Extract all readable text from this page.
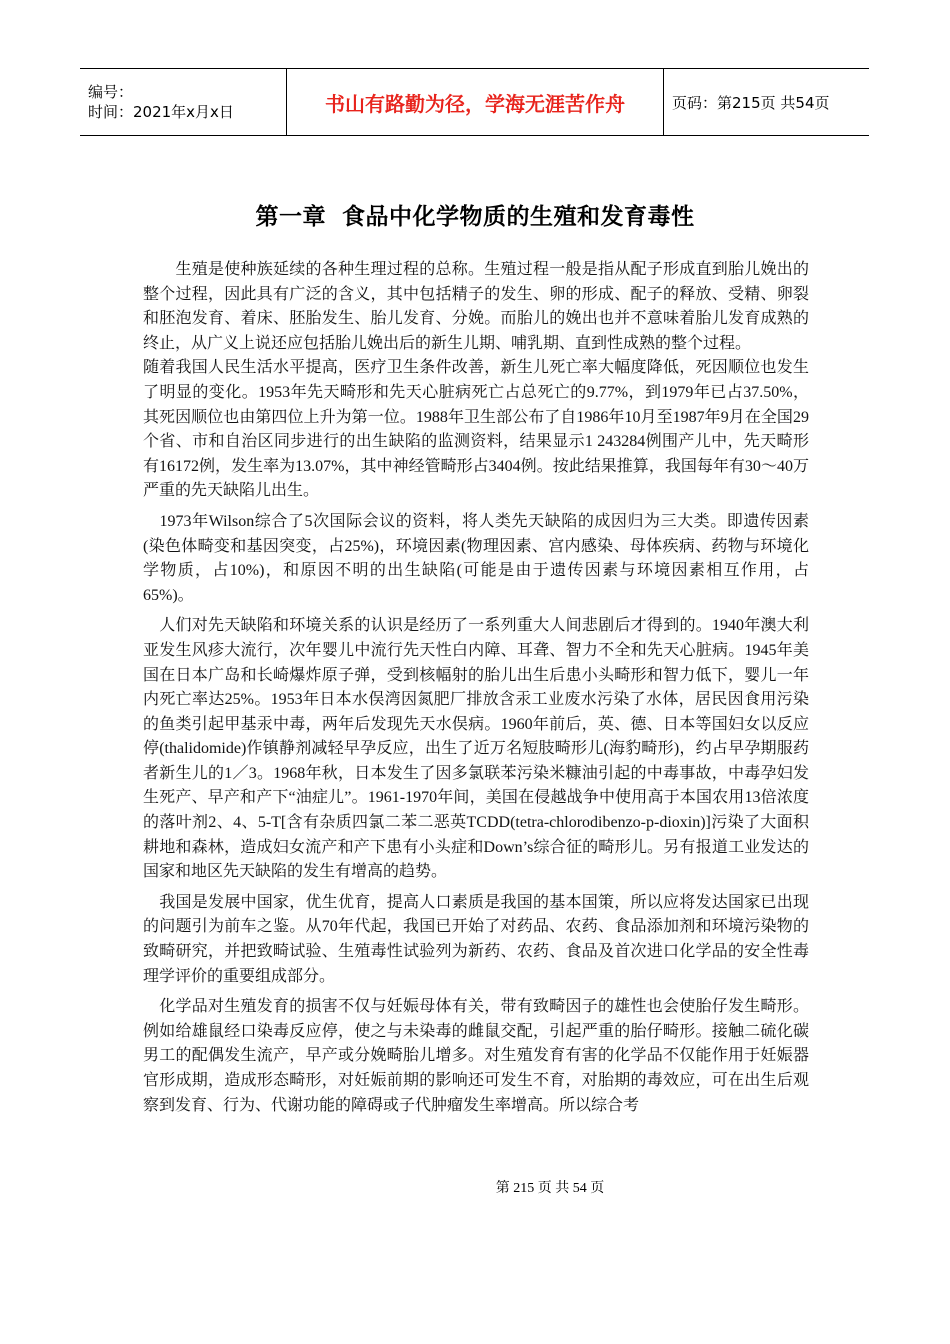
编号：
时间：2021年x月x日	书山有路勤为径，学海无涯苦作舟	页码：第215页 共54页
第一章 食品中化学物质的生殖和发育毒性

　　生殖是使种族延续的各种生理过程的总称。生殖过程一般是指从配子形成直到胎儿娩出的整个过程，因此具有广泛的含义，其中包括精子的发生、卵的形成、配子的释放、受精、卵裂和胚泡发育、着床、胚胎发生、胎儿发育、分娩。而胎儿的娩出也并不意味着胎儿发育成熟的终止，从广义上说还应包括胎儿娩出后的新生儿期、哺乳期、直到性成熟的整个过程。

随着我国人民生活水平提高，医疗卫生条件改善，新生儿死亡率大幅度降低，死因顺位也发生了明显的变化。1953年先天畸形和先天心脏病死亡占总死亡的9.77%，到1979年已占37.50%，其死因顺位也由第四位上升为第一位。1988年卫生部公布了自1986年10月至1987年9月在全国29个省、市和自治区同步进行的出生缺陷的监测资料，结果显示1 243284例围产儿中，先天畸形有16172例，发生率为13.07%，其中神经管畸形占3404例。按此结果推算，我国每年有30～40万严重的先天缺陷儿出生。

　1973年Wilson综合了5次国际会议的资料，将人类先天缺陷的成因归为三大类。即遗传因素(染色体畸变和基因突变，占25%)，环境因素(物理因素、宫内感染、母体疾病、药物与环境化学物质，占10%)，和原因不明的出生缺陷(可能是由于遗传因素与环境因素相互作用，占65%)。

　人们对先天缺陷和环境关系的认识是经历了一系列重大人间悲剧后才得到的。1940年澳大利亚发生风疹大流行，次年婴儿中流行先天性白内障、耳聋、智力不全和先天心脏病。1945年美国在日本广岛和长崎爆炸原子弹，受到核幅射的胎儿出生后患小头畸形和智力低下，婴儿一年内死亡率达25%。1953年日本水俣湾因氮肥厂排放含汞工业废水污染了水体，居民因食用污染的鱼类引起甲基汞中毒，两年后发现先天水俣病。1960年前后，英、德、日本等国妇女以反应停(thalidomide)作镇静剂减轻早孕反应，出生了近万名短肢畸形儿(海豹畸形)，约占早孕期服药者新生儿的1／3。1968年秋，日本发生了因多氯联苯污染米糠油引起的中毒事故，中毒孕妇发生死产、早产和产下“油症儿”。1961-1970年间，美国在侵越战争中使用高于本国农用13倍浓度的落叶剂2、4、5-T[含有杂质四氯二苯二恶英TCDD(tetra-chlorodibenzo-p-dioxin)]污染了大面积耕地和森林，造成妇女流产和产下患有小头症和Down’s综合征的畸形儿。另有报道工业发达的国家和地区先天缺陷的发生有增高的趋势。

　我国是发展中国家，优生优育，提高人口素质是我国的基本国策，所以应将发达国家已出现的问题引为前车之鉴。从70年代起，我国已开始了对药品、农药、食品添加剂和环境污染物的致畸研究，并把致畸试验、生殖毒性试验列为新药、农药、食品及首次进口化学品的安全性毒理学评价的重要组成部分。

　化学品对生殖发育的损害不仅与妊娠母体有关，带有致畸因子的雄性也会使胎仔发生畸形。例如给雄鼠经口染毒反应停，使之与未染毒的雌鼠交配，引起严重的胎仔畸形。接触二硫化碳男工的配偶发生流产，早产或分娩畸胎儿增多。对生殖发育有害的化学品不仅能作用于妊娠器官形成期，造成形态畸形，对妊娠前期的影响还可发生不育，对胎期的毒效应，可在出生后观察到发育、行为、代谢功能的障碍或子代肿瘤发生率增高。所以综合考

第 215 页 共 54 页
